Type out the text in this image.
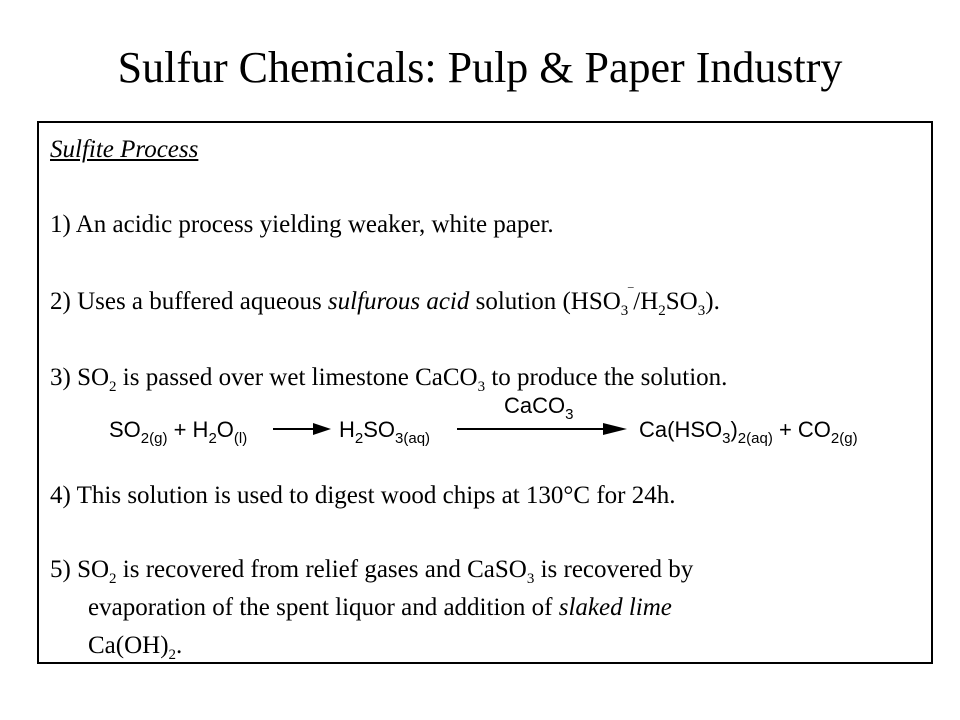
Sulfur Chemicals: Pulp & Paper Industry
Sulfite Process
1) An acidic process yielding weaker, white paper.
2) Uses a buffered aqueous sulfurous acid solution $(HSO_3^‾/H_2SO_3)$.
3) $SO_2$ is passed over wet limestone CaCO$_3$ to produce the solution.
$SO_{2(g)} + H_2O_{(l)} \to H_2SO_{3(aq)}$
CaCO$_3$
$Ca(HSO_3)_{2(aq)} + CO_{2(g)}$
4) This solution is used to digest wood chips at 130°C for 24h.
5) $SO_2$ is recovered from relief gases and CaSO$_3$ is recovered by
evaporation of the spent liquor and addition of slaked lime
$Ca(OH)_2$.
